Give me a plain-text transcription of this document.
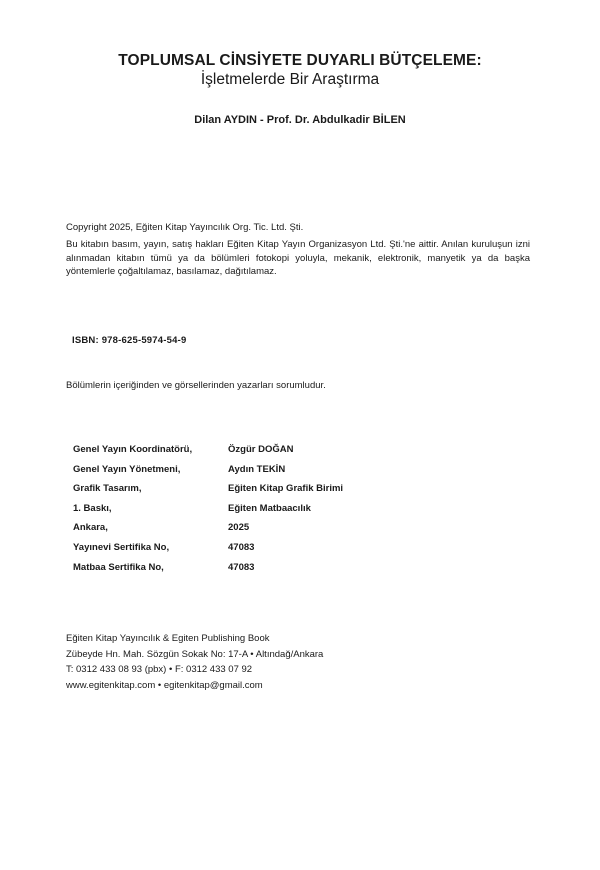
TOPLUMSAL CİNSİYETE DUYARLI BÜTÇELEME:
İşletmelerde Bir Araştırma
Dilan AYDIN - Prof. Dr. Abdulkadir BİLEN
Copyright 2025, Eğiten Kitap Yayıncılık Org. Tic. Ltd. Şti.
Bu kitabın basım, yayın, satış hakları Eğiten Kitap Yayın Organizasyon Ltd. Şti.'ne aittir. Anılan kuruluşun izni alınmadan kitabın tümü ya da bölümleri fotokopi yoluyla, mekanik, elektronik, manyetik ya da başka yöntemlerle çoğaltılamaz, basılamaz, dağıtılamaz.
ISBN: 978-625-5974-54-9
Bölümlerin içeriğinden ve görsellerinden yazarları sorumludur.
Genel Yayın Koordinatörü,	Özgür DOĞAN
Genel Yayın Yönetmeni,	Aydın TEKİN
Grafik Tasarım,	Eğiten Kitap Grafik Birimi
1. Baskı,	Eğiten Matbaacılık
Ankara,	2025
Yayınevi Sertifika No,	47083
Matbaa Sertifika No,	47083
Eğiten Kitap Yayıncılık & Egiten Publishing Book
Zübeyde Hn. Mah. Sözgün Sokak No: 17-A • Altındağ/Ankara
T: 0312 433 08 93 (pbx) • F: 0312 433 07 92
www.egitenkitap.com • egitenkitap@gmail.com
